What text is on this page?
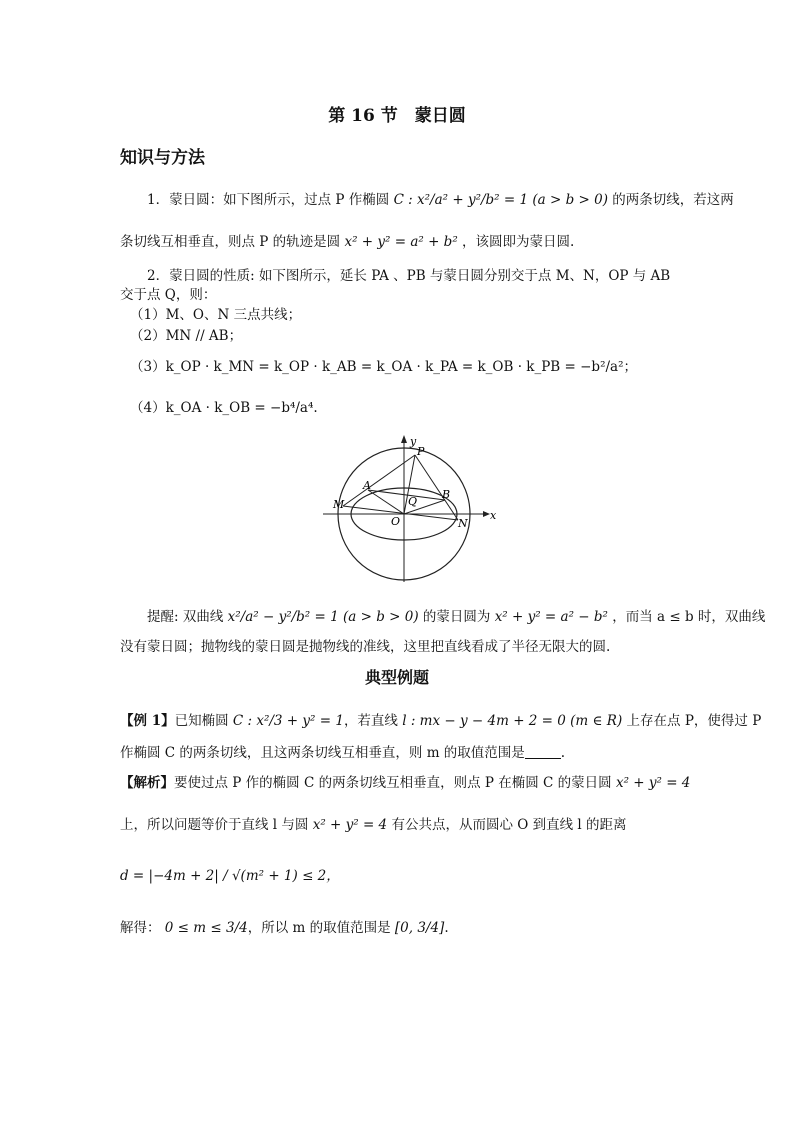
第 16 节　蒙日圆
知识与方法
1．蒙日圆：如下图所示，过点 P 作椭圆 C : x²/a² + y²/b² = 1 (a > b > 0) 的两条切线，若这两
条切线互相垂直，则点 P 的轨迹是圆 x² + y² = a² + b² ，该圆即为蒙日圆.
2．蒙日圆的性质: 如下图所示，延长 PA 、PB 与蒙日圆分别交于点 M、N，OP 与 AB
交于点 Q，则：
（1）M、O、N 三点共线；
（2）MN // AB；
（3）k_OP · k_MN = k_OP · k_AB = k_OA · k_PA = k_OB · k_PB = −b²/a²；
（4）k_OA · k_OB = −b⁴/a⁴.
y
x
P
A
B
M
N
Q
O
提醒: 双曲线 x²/a² − y²/b² = 1 (a > b > 0) 的蒙日圆为 x² + y² = a² − b² ，而当 a ≤ b 时，双曲线
没有蒙日圆；抛物线的蒙日圆是抛物线的准线，这里把直线看成了半径无限大的圆.
典型例题
【例 1】已知椭圆 C : x²/3 + y² = 1，若直线 l : mx − y − 4m + 2 = 0 (m ∈ R) 上存在点 P，使得过 P
作椭圆 C 的两条切线，且这两条切线互相垂直，则 m 的取值范围是	.
【解析】要使过点 P 作的椭圆 C 的两条切线互相垂直，则点 P 在椭圆 C 的蒙日圆 x² + y² = 4
上，所以问题等价于直线 l 与圆 x² + y² = 4 有公共点，从而圆心 O 到直线 l 的距离
d = |−4m + 2| / √(m² + 1) ≤ 2，
解得： 0 ≤ m ≤ 3/4，所以 m 的取值范围是 [0, 3/4].
